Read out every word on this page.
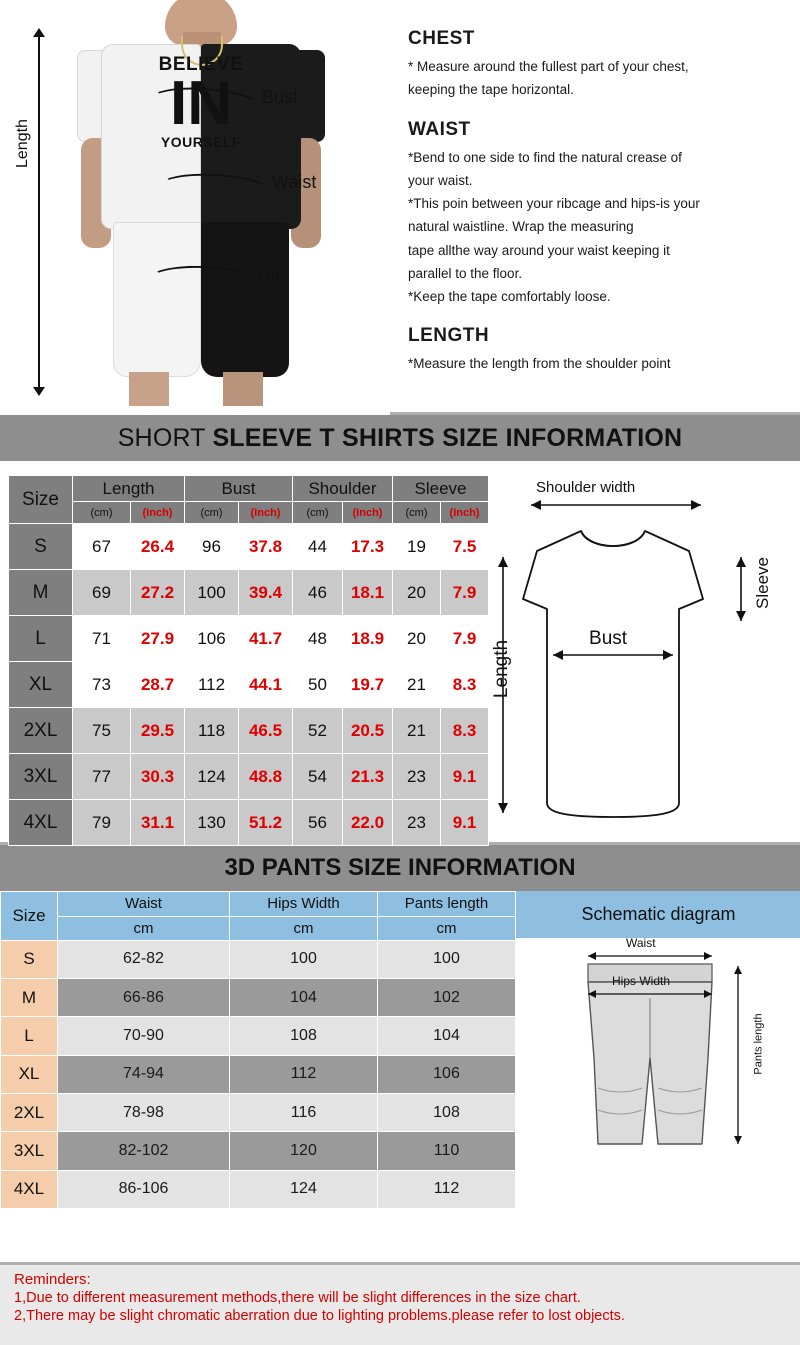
BELIEVE
IN
YOURSELF
Length
Bust
Waist
Hip
CHEST

* Measure around the fullest part of your chest,

keeping the tape horizontal.

WAIST

*Bend to one side to find the natural crease of

your waist.

*This poin between your ribcage and hips-is your

natural waistline. Wrap the measuring

tape allthe way around your waist keeping it

parallel to the floor.

*Keep the tape comfortably loose.

LENGTH

*Measure the length from the shoulder point

SHORT SLEEVE T SHIRTS SIZE INFORMATION
Size	Length		Bust		Shoulder		Sleeve	
	(cm)	(Inch)	(cm)	(Inch)	(cm)	(Inch)	(cm)	(Inch)
S	67	26.4	96	37.8	44	17.3	19	7.5
M	69	27.2	100	39.4	46	18.1	20	7.9
L	71	27.9	106	41.7	48	18.9	20	7.9
XL	73	28.7	112	44.1	50	19.7	21	8.3
2XL	75	29.5	118	46.5	52	20.5	21	8.3
3XL	77	30.3	124	48.8	54	21.3	23	9.1
4XL	79	31.1	130	51.2	56	22.0	23	9.1
Shoulder width
Bust
Length
Sleeve
3D PANTS SIZE INFORMATION
Size	Waist	Hips Width	Pants length
	cm	cm	cm
S	62-82	100	100
M	66-86	104	102
L	70-90	108	104
XL	74-94	112	106
2XL	78-98	116	108
3XL	82-102	120	110
4XL	86-106	124	112
Schematic diagram
Waist
Hips Width
Pants length

Reminders:

1,Due to different measurement methods,there will be slight differences in the size chart.

2,There may be slight chromatic aberration due to lighting problems.please refer to lost objects.
